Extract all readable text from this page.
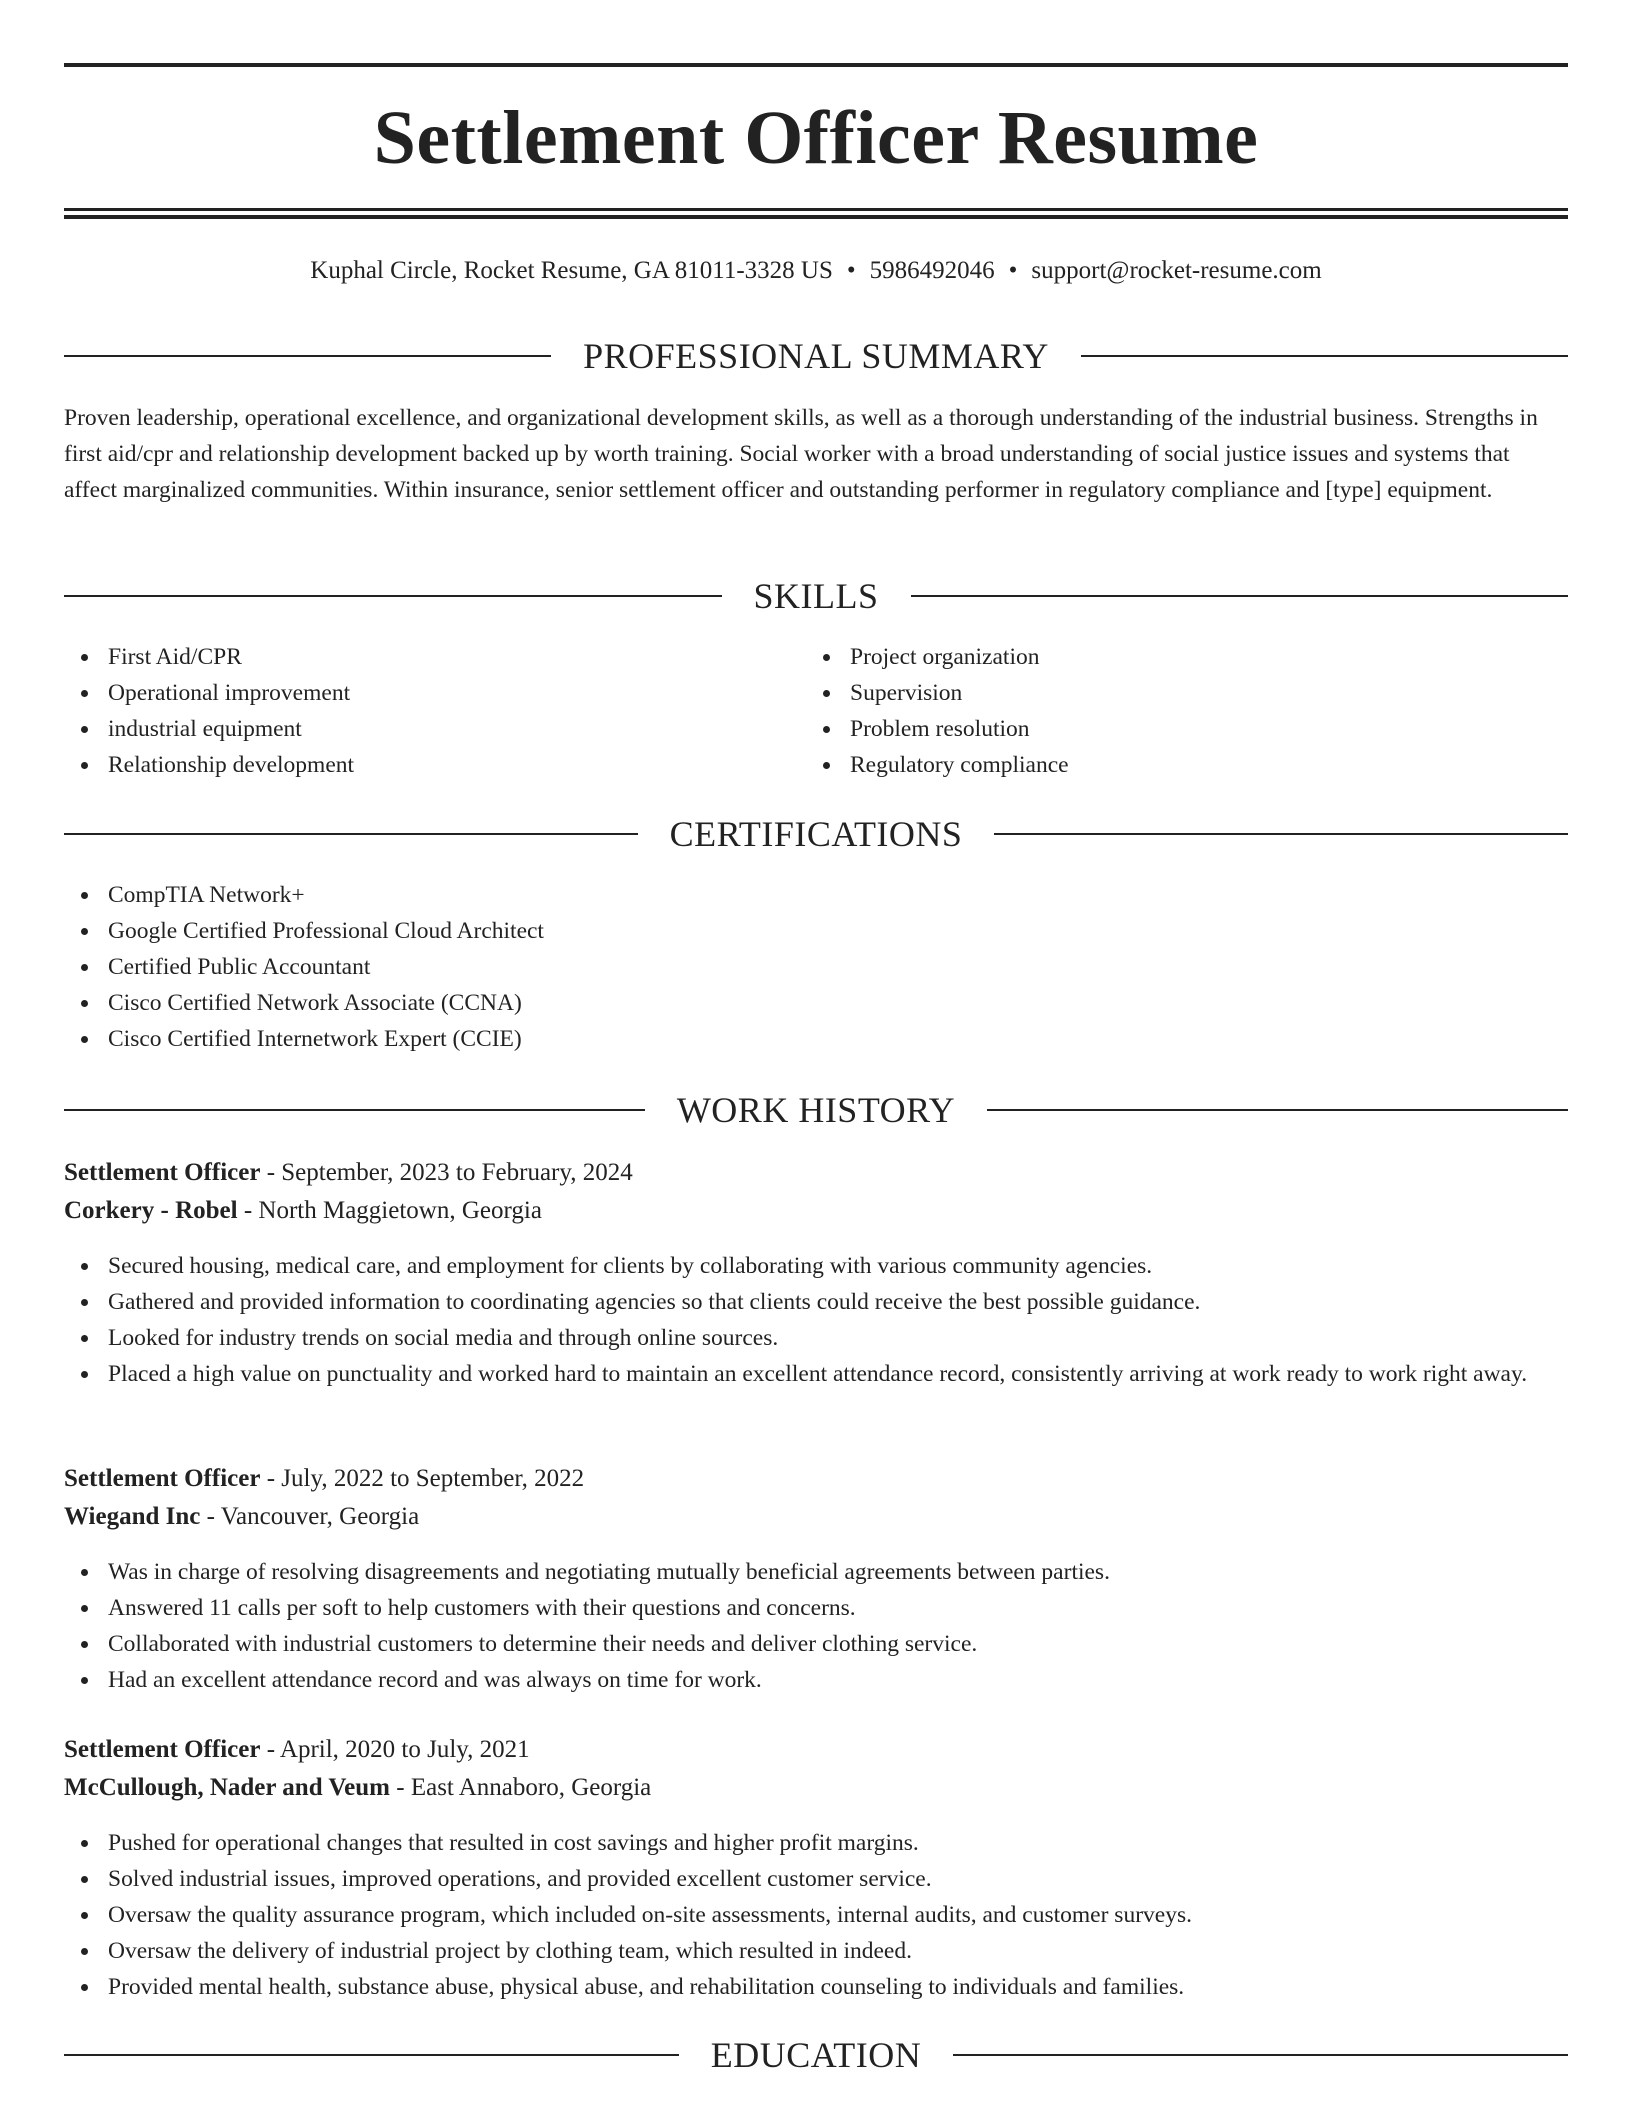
Settlement Officer Resume
Kuphal Circle, Rocket Resume, GA 81011-3328 US • 5986492046 • support@rocket-resume.com
PROFESSIONAL SUMMARY

Proven leadership, operational excellence, and organizational development skills, as well as a thorough understanding of the industrial business. Strengths in first aid/cpr and relationship development backed up by worth training. Social worker with a broad understanding of social justice issues and systems that affect marginalized communities. Within insurance, senior settlement officer and outstanding performer in regulatory compliance and [type] equipment.

SKILLS
First Aid/CPR
Operational improvement
industrial equipment
Relationship development
Project organization
Supervision
Problem resolution
Regulatory compliance
CERTIFICATIONS
CompTIA Network+
Google Certified Professional Cloud Architect
Certified Public Accountant
Cisco Certified Network Associate (CCNA)
Cisco Certified Internetwork Expert (CCIE)
WORK HISTORY
Settlement Officer - September, 2023 to February, 2024
Corkery - Robel - North Maggietown, Georgia
Secured housing, medical care, and employment for clients by collaborating with various community agencies.
Gathered and provided information to coordinating agencies so that clients could receive the best possible guidance.
Looked for industry trends on social media and through online sources.
Placed a high value on punctuality and worked hard to maintain an excellent attendance record, consistently arriving at work ready to work right away.
Settlement Officer - July, 2022 to September, 2022
Wiegand Inc - Vancouver, Georgia
Was in charge of resolving disagreements and negotiating mutually beneficial agreements between parties.
Answered 11 calls per soft to help customers with their questions and concerns.
Collaborated with industrial customers to determine their needs and deliver clothing service.
Had an excellent attendance record and was always on time for work.
Settlement Officer - April, 2020 to July, 2021
McCullough, Nader and Veum - East Annaboro, Georgia
Pushed for operational changes that resulted in cost savings and higher profit margins.
Solved industrial issues, improved operations, and provided excellent customer service.
Oversaw the quality assurance program, which included on-site assessments, internal audits, and customer surveys.
Oversaw the delivery of industrial project by clothing team, which resulted in indeed.
Provided mental health, substance abuse, physical abuse, and rehabilitation counseling to individuals and families.
EDUCATION
